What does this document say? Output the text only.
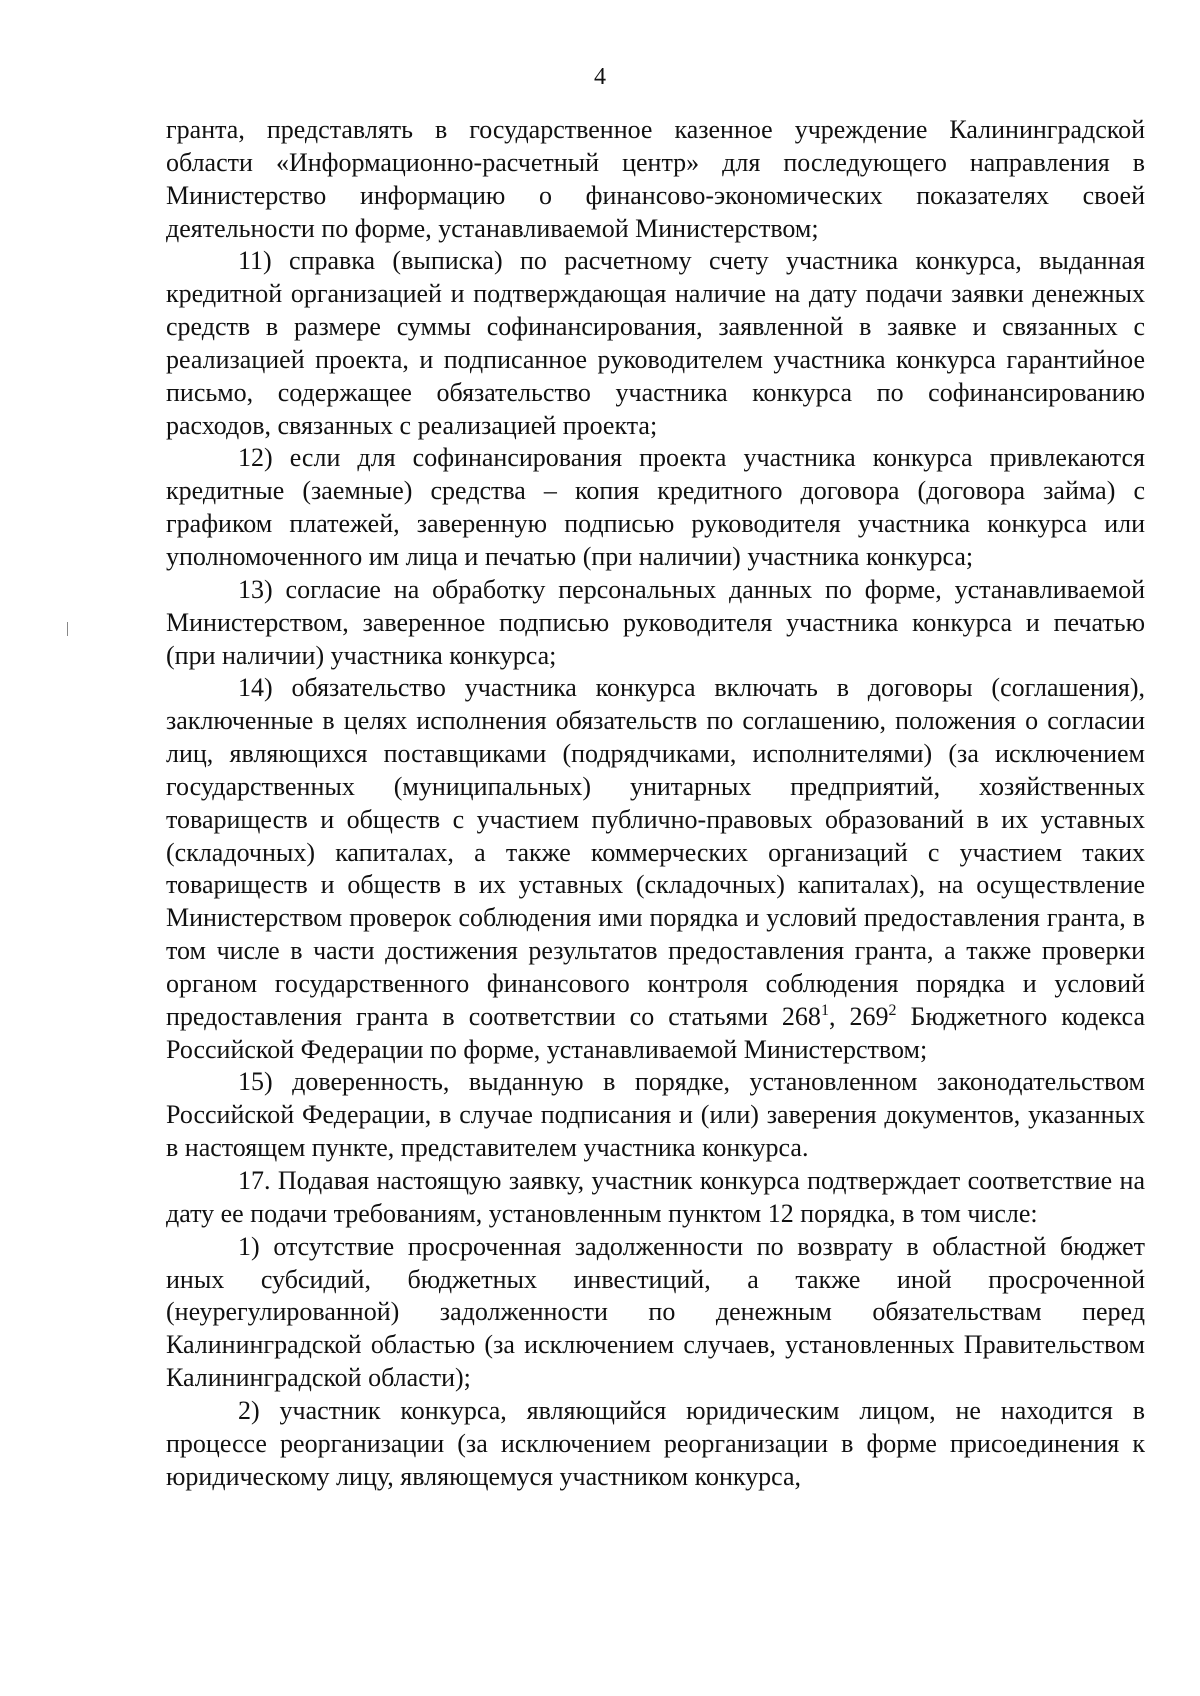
4

гранта, представлять в государственное казенное учреждение Калининградской области «Информационно-расчетный центр» для последующего направления в Министерство информацию о финансово-экономических показателях своей деятельности по форме, устанавливаемой Министерством;

11) справка (выписка) по расчетному счету участника конкурса, выданная кредитной организацией и подтверждающая наличие на дату подачи заявки денежных средств в размере суммы софинансирования, заявленной в заявке и связанных с реализацией проекта, и подписанное руководителем участника конкурса гарантийное письмо, содержащее обязательство участника конкурса по софинансированию расходов, связанных с реализацией проекта;

12) если для софинансирования проекта участника конкурса привлекаются кредитные (заемные) средства – копия кредитного договора (договора займа) с графиком платежей, заверенную подписью руководителя участника конкурса или уполномоченного им лица и печатью (при наличии) участника конкурса;

13) согласие на обработку персональных данных по форме, устанавливаемой Министерством, заверенное подписью руководителя участника конкурса и печатью (при наличии) участника конкурса;

14) обязательство участника конкурса включать в договоры (соглашения), заключенные в целях исполнения обязательств по соглашению, положения о согласии лиц, являющихся поставщиками (подрядчиками, исполнителями) (за исключением государственных (муниципальных) унитарных предприятий, хозяйственных товариществ и обществ с участием публично-правовых образований в их уставных (складочных) капиталах, а также коммерческих организаций с участием таких товариществ и обществ в их уставных (складочных) капиталах), на осуществление Министерством проверок соблюдения ими порядка и условий предоставления гранта, в том числе в части достижения результатов предоставления гранта, а также проверки органом государственного финансового контроля соблюдения порядка и условий предоставления гранта в соответствии со статьями $268^1$, $269^2$ Бюджетного кодекса Российской Федерации по форме, устанавливаемой Министерством;

15) доверенность, выданную в порядке, установленном законодательством Российской Федерации, в случае подписания и (или) заверения документов, указанных в настоящем пункте, представителем участника конкурса.

17. Подавая настоящую заявку, участник конкурса подтверждает соответствие на дату ее подачи требованиям, установленным пунктом 12 порядка, в том числе:

1) отсутствие просроченная задолженности по возврату в областной бюджет иных субсидий, бюджетных инвестиций, а также иной просроченной (неурегулированной) задолженности по денежным обязательствам перед Калининградской областью (за исключением случаев, установленных Правительством Калининградской области);

2) участник конкурса, являющийся юридическим лицом, не находится в процессе реорганизации (за исключением реорганизации в форме присоединения к юридическому лицу, являющемуся участником конкурса,
